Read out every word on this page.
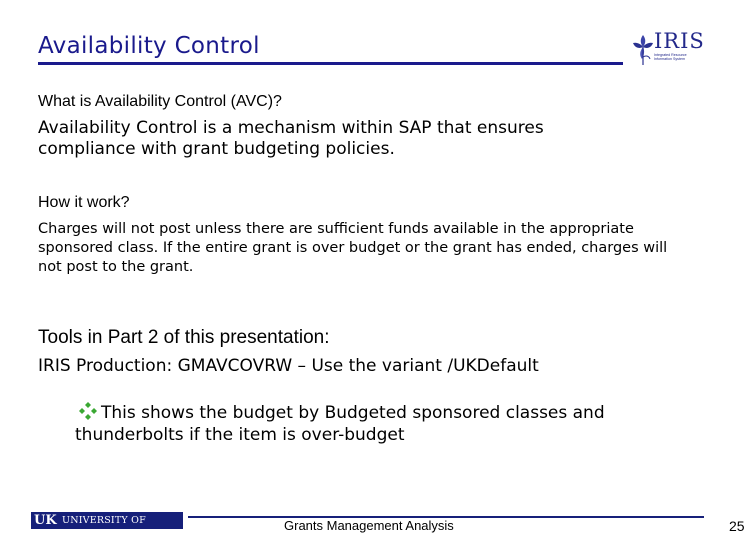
Availability Control	IRIS
Integrated Resource Information System
What is Availability Control (AVC)?
Availability Control is a mechanism within SAP that ensures compliance with grant budgeting policies.
How it work?
Charges will not post unless there are sufficient funds available in the appropriate sponsored class. If the entire grant is over budget or the grant has ended, charges will not post to the grant.
Tools in Part 2 of this presentation:
IRIS Production: GMAVCOVRW – Use the variant /UKDefault
This shows the budget by Budgeted sponsored classes and thunderbolts if the item is over-budget
UK UNIVERSITY OF KENTUCKY
Grants Management Analysis	25
